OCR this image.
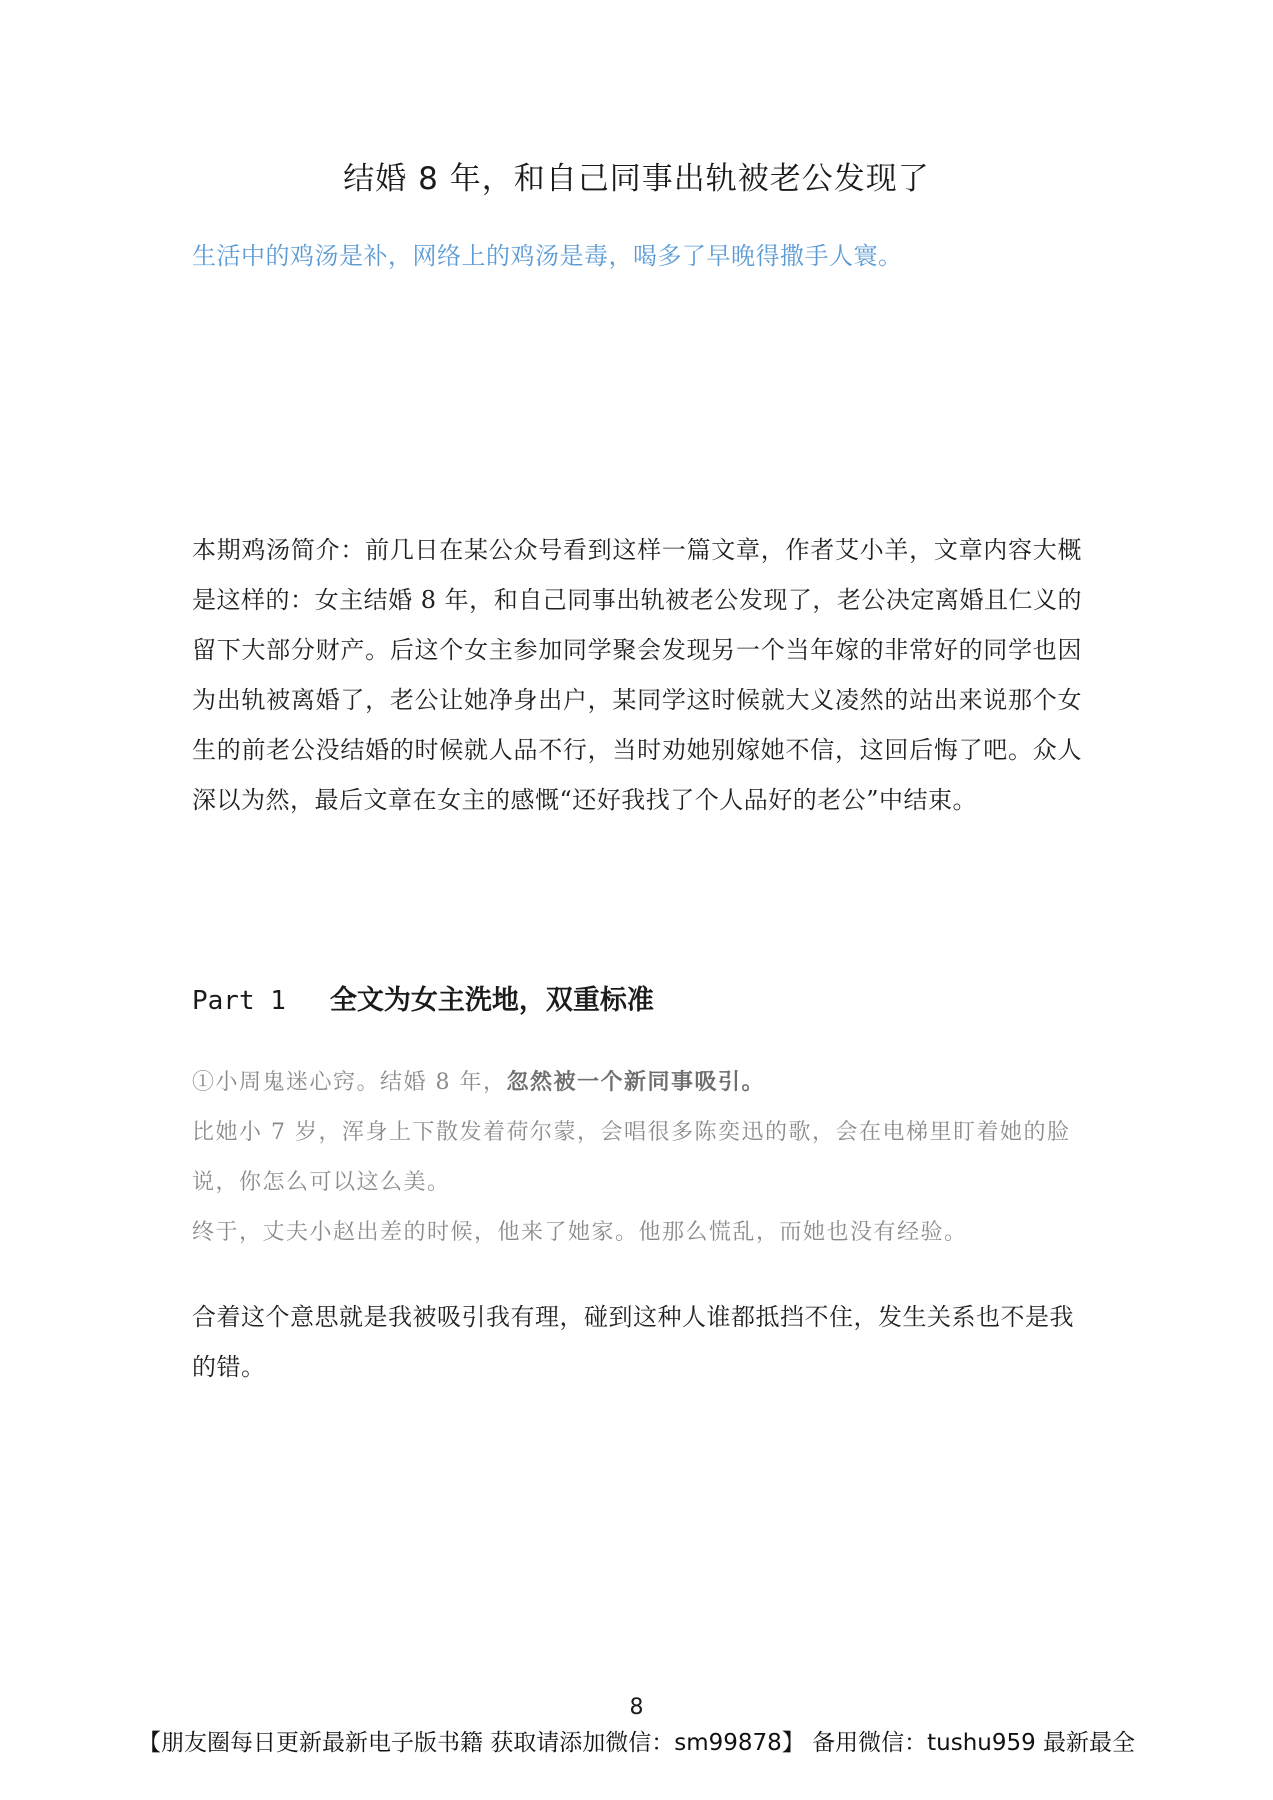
结婚 8 年，和自己同事出轨被老公发现了
生活中的鸡汤是补，网络上的鸡汤是毒，喝多了早晚得撒手人寰。
本期鸡汤简介：前几日在某公众号看到这样一篇文章，作者艾小羊，文章内容大概是这样的：女主结婚 8 年，和自己同事出轨被老公发现了，老公决定离婚且仁义的留下大部分财产。后这个女主参加同学聚会发现另一个当年嫁的非常好的同学也因为出轨被离婚了，老公让她净身出户，某同学这时候就大义凌然的站出来说那个女生的前老公没结婚的时候就人品不行，当时劝她别嫁她不信，这回后悔了吧。众人深以为然，最后文章在女主的感慨“还好我找了个人品好的老公”中结束。
Part 1 全文为女主洗地，双重标准

①小周鬼迷心窍。结婚 8 年，忽然被一个新同事吸引。

比她小 7 岁，浑身上下散发着荷尔蒙，会唱很多陈奕迅的歌，会在电梯里盯着她的脸说，你怎么可以这么美。

终于，丈夫小赵出差的时候，他来了她家。他那么慌乱，而她也没有经验。

合着这个意思就是我被吸引我有理，碰到这种人谁都抵挡不住，发生关系也不是我的错。
8
【朋友圈每日更新最新电子版书籍 获取请添加微信：sm99878】 备用微信：tushu959 最新最全
